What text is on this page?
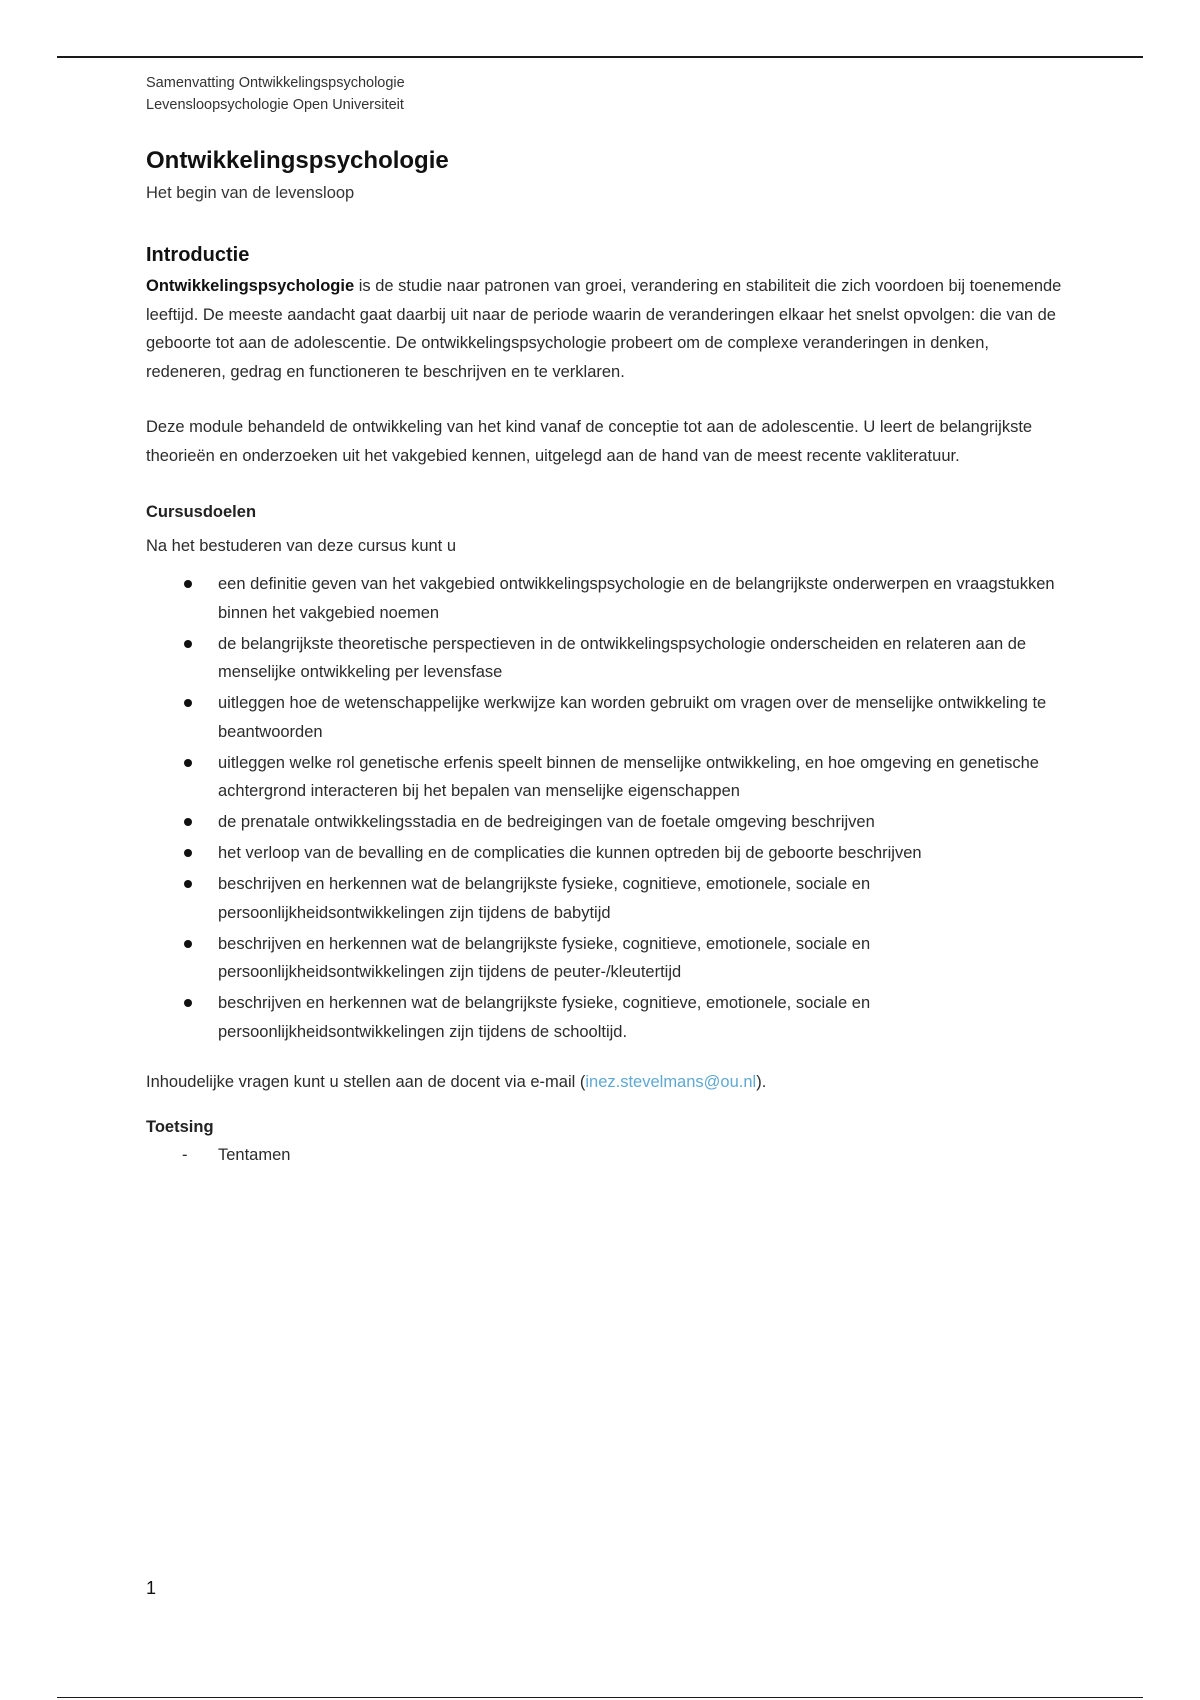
Samenvatting Ontwikkelingspsychologie
Levensloopsychologie Open Universiteit
Ontwikkelingspsychologie
Het begin van de levensloop
Introductie

Ontwikkelingspsychologie is de studie naar patronen van groei, verandering en stabiliteit die zich voordoen bij toenemende leeftijd. De meeste aandacht gaat daarbij uit naar de periode waarin de veranderingen elkaar het snelst opvolgen: die van de geboorte tot aan de adolescentie. De ontwikkelingspsychologie probeert om de complexe veranderingen in denken, redeneren, gedrag en functioneren te beschrijven en te verklaren.

Deze module behandeld de ontwikkeling van het kind vanaf de conceptie tot aan de adolescentie. U leert de belangrijkste theorieën en onderzoeken uit het vakgebied kennen, uitgelegd aan de hand van de meest recente vakliteratuur.

Cursusdoelen
Na het bestuderen van deze cursus kunt u
een definitie geven van het vakgebied ontwikkelingspsychologie en de belangrijkste onderwerpen en vraagstukken binnen het vakgebied noemen
de belangrijkste theoretische perspectieven in de ontwikkelingspsychologie onderscheiden en relateren aan de menselijke ontwikkeling per levensfase
uitleggen hoe de wetenschappelijke werkwijze kan worden gebruikt om vragen over de menselijke ontwikkeling te beantwoorden
uitleggen welke rol genetische erfenis speelt binnen de menselijke ontwikkeling, en hoe omgeving en genetische achtergrond interacteren bij het bepalen van menselijke eigenschappen
de prenatale ontwikkelingsstadia en de bedreigingen van de foetale omgeving beschrijven
het verloop van de bevalling en de complicaties die kunnen optreden bij de geboorte beschrijven
beschrijven en herkennen wat de belangrijkste fysieke, cognitieve, emotionele, sociale en persoonlijkheidsontwikkelingen zijn tijdens de babytijd
beschrijven en herkennen wat de belangrijkste fysieke, cognitieve, emotionele, sociale en persoonlijkheidsontwikkelingen zijn tijdens de peuter-/kleutertijd
beschrijven en herkennen wat de belangrijkste fysieke, cognitieve, emotionele, sociale en persoonlijkheidsontwikkelingen zijn tijdens de schooltijd.

Inhoudelijke vragen kunt u stellen aan de docent via e-mail (inez.stevelmans@ou.nl).

Toetsing
- Tentamen
1
